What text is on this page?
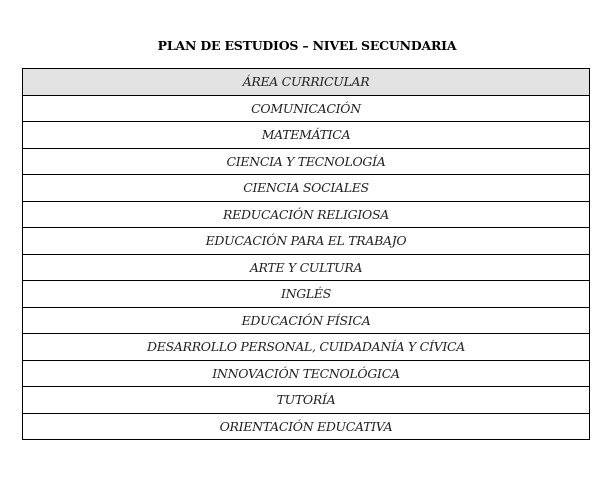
PLAN DE ESTUDIOS – NIVEL SECUNDARIA
ÁREA CURRICULAR
COMUNICACIÓN
MATEMÁTICA
CIENCIA Y TECNOLOGÍA
CIENCIA SOCIALES
REDUCACIÓN RELIGIOSA
EDUCACIÓN PARA EL TRABAJO
ARTE Y CULTURA
INGLÉS
EDUCACIÓN FÍSICA
DESARROLLO PERSONAL, CUIDADANÍA Y CÍVICA
INNOVACIÓN TECNOLÓGICA
TUTORÍA
ORIENTACIÓN EDUCATIVA
